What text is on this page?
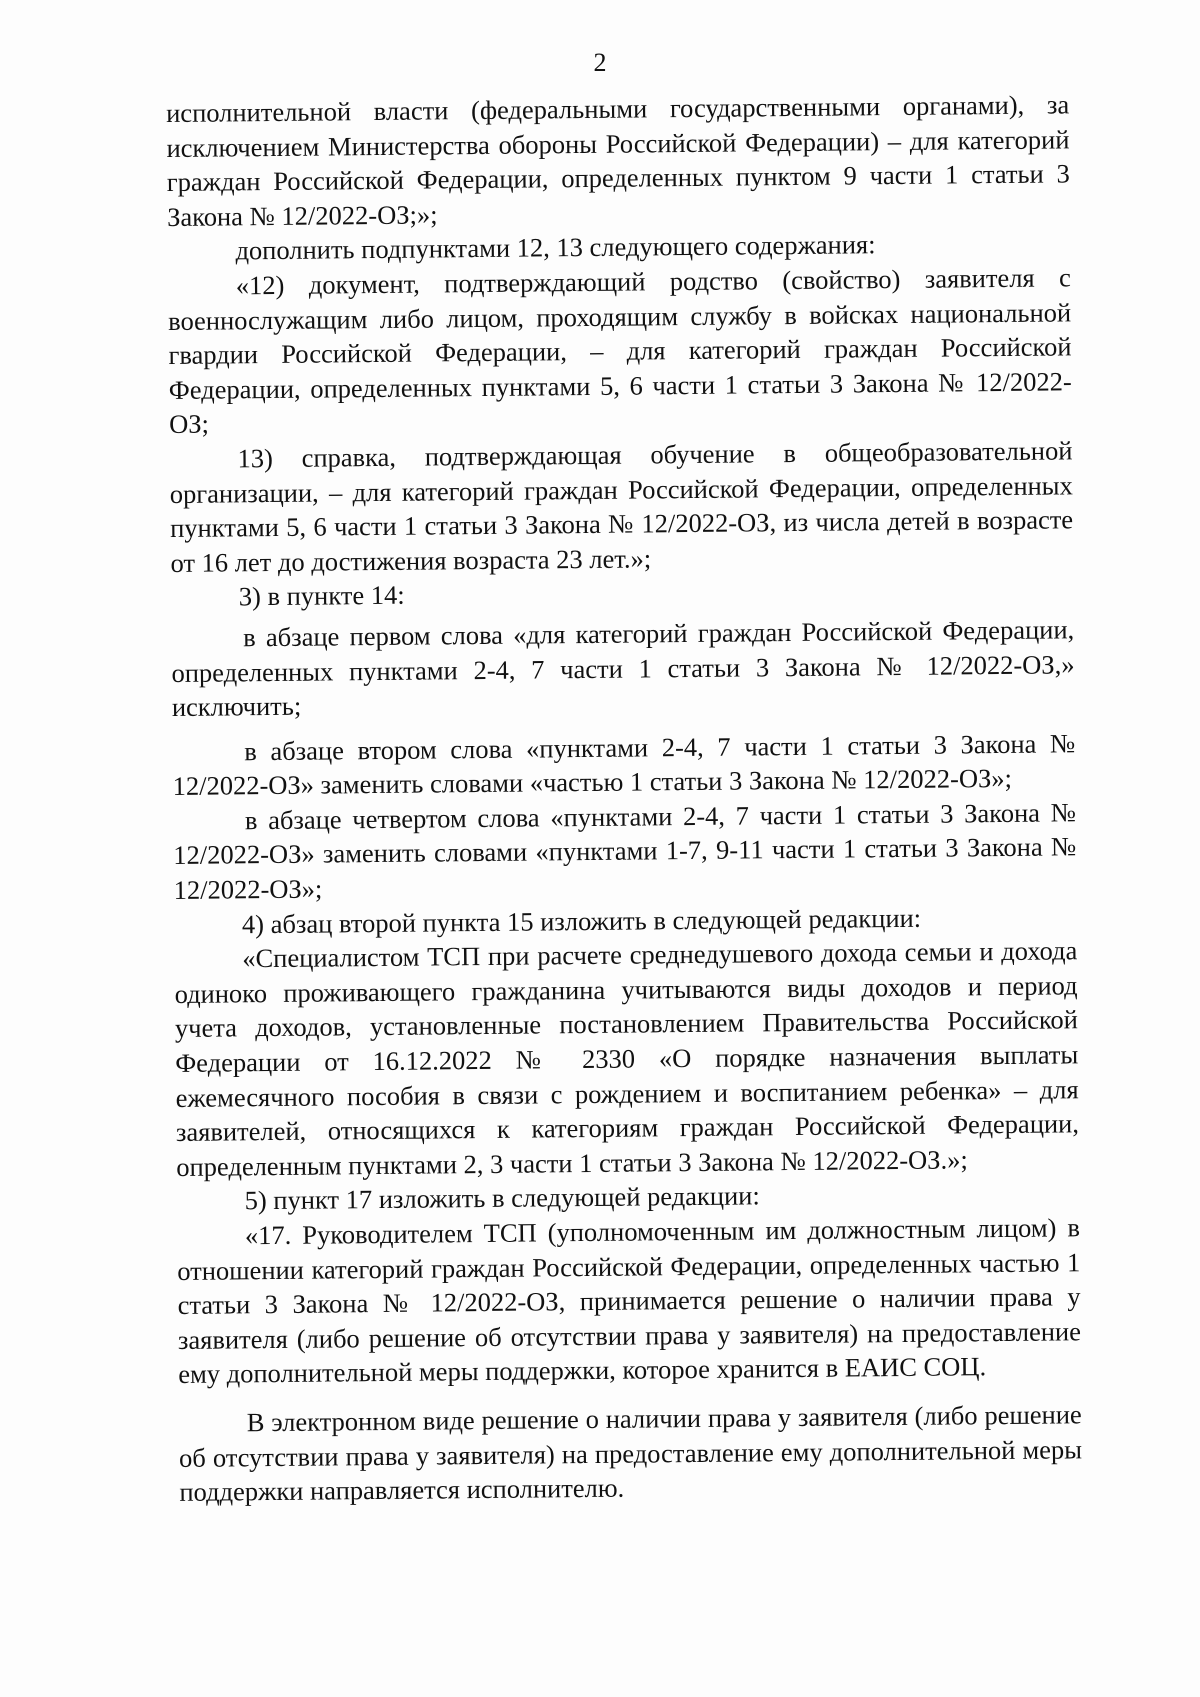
2

исполнительной власти (федеральными государственными органами), за исключением Министерства обороны Российской Федерации) – для категорий граждан Российской Федерации, определенных пунктом 9 части 1 статьи 3 Закона № 12/2022-ОЗ;»;

дополнить подпунктами 12, 13 следующего содержания:

«12) документ, подтверждающий родство (свойство) заявителя с военнослужащим либо лицом, проходящим службу в войсках национальной гвардии Российской Федерации, – для категорий граждан Российской Федерации, определенных пунктами 5, 6 части 1 статьи 3 Закона № 12/2022-ОЗ;

13) справка, подтверждающая обучение в общеобразовательной организации, – для категорий граждан Российской Федерации, определенных пунктами 5, 6 части 1 статьи 3 Закона № 12/2022-ОЗ, из числа детей в возрасте от 16 лет до достижения возраста 23 лет.»;

3) в пункте 14:

в абзаце первом слова «для категорий граждан Российской Федерации, определенных пунктами 2-4, 7 части 1 статьи 3 Закона № 12/2022-ОЗ,» исключить;

в абзаце втором слова «пунктами 2-4, 7 части 1 статьи 3 Закона № 12/2022-ОЗ» заменить словами «частью 1 статьи 3 Закона № 12/2022-ОЗ»;

в абзаце четвертом слова «пунктами 2-4, 7 части 1 статьи 3 Закона № 12/2022-ОЗ» заменить словами «пунктами 1-7, 9-11 части 1 статьи 3 Закона № 12/2022-ОЗ»;

4) абзац второй пункта 15 изложить в следующей редакции:

«Специалистом ТСП при расчете среднедушевого дохода семьи и дохода одиноко проживающего гражданина учитываются виды доходов и период учета доходов, установленные постановлением Правительства Российской Федерации от 16.12.2022 № 2330 «О порядке назначения выплаты ежемесячного пособия в связи с рождением и воспитанием ребенка» – для заявителей, относящихся к категориям граждан Российской Федерации, определенным пунктами 2, 3 части 1 статьи 3 Закона № 12/2022-ОЗ.»;

5) пункт 17 изложить в следующей редакции:

«17. Руководителем ТСП (уполномоченным им должностным лицом) в отношении категорий граждан Российской Федерации, определенных частью 1 статьи 3 Закона № 12/2022-ОЗ, принимается решение о наличии права у заявителя (либо решение об отсутствии права у заявителя) на предоставление ему дополнительной меры поддержки, которое хранится в ЕАИС СОЦ.

В электронном виде решение о наличии права у заявителя (либо решение об отсутствии права у заявителя) на предоставление ему дополнительной меры поддержки направляется исполнителю.
